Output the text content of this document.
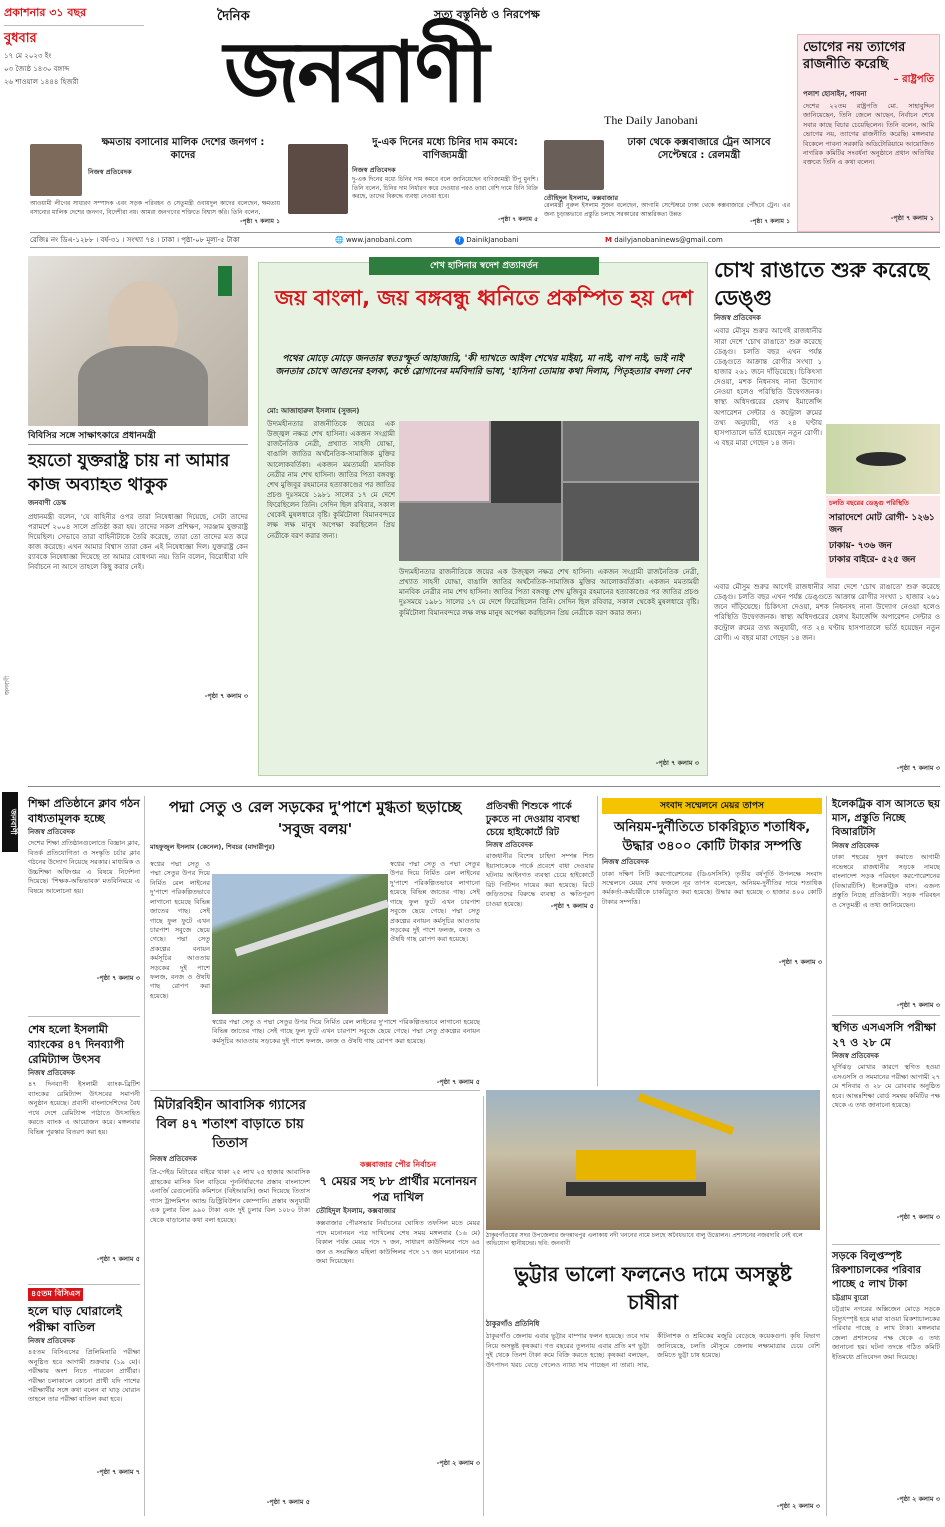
প্রকাশনার ৩১ বছর
বুধবার
১৭ মে ২০২৩ ইং
০৩ জ্যৈষ্ঠ ১৪৩০ বঙ্গাব্দ
২৬ শাওয়াল ১৪৪৪ হিজরী
দৈনিক	সত্য বস্তুনিষ্ঠ ও নিরপেক্ষ
জনবাণী	The Daily Janobani
ভোগের নয় ত্যাগের রাজনীতি করেছি
– রাষ্ট্রপতি
পলাশ হোসাইন, পাবনা
দেশের ২২তম রাষ্ট্রপতি মো. সাহাবুদ্দিন জানিয়েছেন, তিনি জেলে আছেন, নির্বাচন শেষে সবার কাছে বিচার চেয়েছিলেন। তিনি বলেন, আমি ভোগের নয়, ত্যাগের রাজনীতি করেছি। মঙ্গলবার বিকেলে পাবনা সরকারি অডিটোরিয়ামে আয়োজিত নাগরিক কমিটির সংবর্ধনা অনুষ্ঠানে প্রধান অতিথির বক্তব্যে তিনি এ কথা বলেন।
-পৃষ্ঠা ৭ কলাম ১
ক্ষমতায় বসানোর মালিক দেশের জনগণ : কাদের
নিজস্ব প্রতিবেদক
আওয়ামী লীগের সাধারণ সম্পাদক এবং সড়ক পরিবহন ও সেতুমন্ত্রী ওবায়দুল কাদের বলেছেন, ক্ষমতায় বসানোর মালিক দেশের জনগণ, বিদেশীরা নয়। আমরা জনগণের শক্তিতে বিশ্বাস করি। তিনি বলেন,
-পৃষ্ঠা ৭ কলাম ১
দু-এক দিনের মধ্যে চিনির দাম কমবে: বাণিজ্যমন্ত্রী
নিজস্ব প্রতিবেদক
দু-এক দিনের মধ্যে চিনির দাম কমবে বলে জানিয়েছেন বাণিজ্যমন্ত্রী টিপু মুনশি। তিনি বলেন, চিনির দাম নির্ধারণ করে দেওয়ার পরও তারা বেশি দামে চিনি বিক্রি করছে, তাদের বিরুদ্ধে ব্যবস্থা নেওয়া হবে।
-পৃষ্ঠা ৭ কলাম ৫
ঢাকা থেকে কক্সবাজারে ট্রেন আসবে সেপ্টেম্বরে : রেলমন্ত্রী
তৌহিদুল ইসলাম, কক্সবাজার
রেলমন্ত্রী নুরুল ইসলাম সুজন বলেছেন, আগামি সেপ্টেম্বরে ঢাকা থেকে কক্সবাজারে পৌঁছবে ট্রেন। এর জন্য চূড়ান্তভাবে প্রস্তুতি চলছে সরকারের আন্তরিকতা উন্নত
-পৃষ্ঠা ৭ কলাম ১
রেজিঃ নং ডিএ-১২৮৮ । বর্ষ-৩১ । সংখ্যা ৭৪ । ঢাকা । পৃষ্ঠা-০৮ মূল্য-৫ টাকা	🌐 www.janobani.com	f DainikJanobani	M dailyjanobaninews@gmail.com
জনবাণী
বিবিসির সঙ্গে সাক্ষাৎকারে প্রধানমন্ত্রী
হয়তো যুক্তরাষ্ট্র চায় না আমার কাজ অব্যাহত থাকুক
জনবাণী ডেস্ক
প্রধানমন্ত্রী বলেন, 'যে বাহিনীর ওপর তারা নিষেধাজ্ঞা দিয়েছে, সেটা তাদের পরামর্শে ২০০৪ সালে প্রতিষ্ঠা করা হয়। তাদের সকল প্রশিক্ষণ, সরঞ্জাম যুক্তরাষ্ট্র দিয়েছিল। সেভাবে তারা বাহিনীটাকে তৈরি করেছে, তারা তো তাদের মত করে কাজ করেছে। এখন আমার বিশ্বাস তারা কেন এই নিষেধাজ্ঞা দিল। যুক্তরাষ্ট্র কেন র‍্যাবকে নিষেধাজ্ঞা দিয়েছে তা আমার বোধগম্য নয়। তিনি বলেন, বিরোধীরা যদি নির্বাচনে না আসে তাহলে কিছু করার নেই।
-পৃষ্ঠা ৭ কলাম ৩
শেখ হাসিনার স্বদেশ প্রত্যাবর্তন
জয় বাংলা, জয় বঙ্গবন্ধু ধ্বনিতে প্রকম্পিত হয় দেশ
পথের মোড়ে মোড়ে জনতার স্বতঃস্ফূর্ত আহাজারি, 'কী দ্যাখতে আইল শেখের মাইয়া, মা নাই, বাপ নাই, ভাই নাই' জনতার চোখে আগুনের হলকা, কণ্ঠে স্লোগানের মর্মবিদারি ভাষা, 'হাসিনা তোমায় কথা দিলাম, পিতৃহত্যার বদলা নেব'
মো: আজাহারুল ইসলাম (সুজন)
উদ্যমহীনতার রাজনীতিকে জয়ের এক উজ্জ্বল নক্ষত্র শেখ হাসিনা। একজন সংগ্রামী রাজনৈতিক নেত্রী, প্রখ্যাত সাহসী যোদ্ধা, বাঙালি জাতির অর্থনৈতিক-সামাজিক মুক্তির আলোকবর্তিকা। একজন মমতাময়ী মানবিক নেত্রীর নাম শেখ হাসিনা। জাতির পিতা বঙ্গবন্ধু শেখ মুজিবুর রহমানের হত্যাকাণ্ডের পর জাতির প্রচণ্ড দুঃসময়ে ১৯৮১ সালের ১৭ মে দেশে ফিরেছিলেন তিনি। সেদিন ছিল রবিবার, সকাল থেকেই মুষলধারে বৃষ্টি। কুর্মিটোলা বিমানবন্দরে লক্ষ লক্ষ মানুষ অপেক্ষা করছিলেন প্রিয় নেত্রীকে বরণ করার জন্য।
উদ্যমহীনতার রাজনীতিকে জয়ের এক উজ্জ্বল নক্ষত্র শেখ হাসিনা। একজন সংগ্রামী রাজনৈতিক নেত্রী, প্রখ্যাত সাহসী যোদ্ধা, বাঙালি জাতির অর্থনৈতিক-সামাজিক মুক্তির আলোকবর্তিকা। একজন মমতাময়ী মানবিক নেত্রীর নাম শেখ হাসিনা। জাতির পিতা বঙ্গবন্ধু শেখ মুজিবুর রহমানের হত্যাকাণ্ডের পর জাতির প্রচণ্ড দুঃসময়ে ১৯৮১ সালের ১৭ মে দেশে ফিরেছিলেন তিনি। সেদিন ছিল রবিবার, সকাল থেকেই মুষলধারে বৃষ্টি। কুর্মিটোলা বিমানবন্দরে লক্ষ লক্ষ মানুষ অপেক্ষা করছিলেন প্রিয় নেত্রীকে বরণ করার জন্য।
-পৃষ্ঠা ৭ কলাম ৩
চোখ রাঙাতে শুরু করেছে ডেঙ্গু
নিজস্ব প্রতিবেদক
এবার মৌসুম শুরুর আগেই রাজধানীর সারা দেশে 'চোখ রাঙাতে' শুরু করেছে ডেঙ্গু। চলতি বছর এখন পর্যন্ত ডেঙ্গুতে আক্রান্ত রোগীর সংখ্যা ১ হাজার ২৬১ জনে দাঁড়িয়েছে। চিকিৎসা দেওয়া, মশক নিধনসহ নানা উদ্যোগ নেওয়া হলেও পরিস্থিতি উদ্বেগজনক। স্বাস্থ্য অধিদপ্তরের হেলথ ইমার্জেন্সি অপারেশন সেন্টার ও কন্ট্রোল রুমের তথ্য অনুযায়ী, গত ২৪ ঘণ্টায় হাসপাতালে ভর্তি হয়েছেন নতুন রোগী। এ বছর মারা গেছেন ১৪ জন।
চলতি বছরের ডেঙ্গু পরিস্থিতি
সারাদেশে মোট রোগী- ১২৬১ জন
ঢাকায়- ৭৩৬ জন
ঢাকার বাইরে- ৫২৫ জন
এবার মৌসুম শুরুর আগেই রাজধানীর সারা দেশে 'চোখ রাঙাতে' শুরু করেছে ডেঙ্গু। চলতি বছর এখন পর্যন্ত ডেঙ্গুতে আক্রান্ত রোগীর সংখ্যা ১ হাজার ২৬১ জনে দাঁড়িয়েছে। চিকিৎসা দেওয়া, মশক নিধনসহ নানা উদ্যোগ নেওয়া হলেও পরিস্থিতি উদ্বেগজনক। স্বাস্থ্য অধিদপ্তরের হেলথ ইমার্জেন্সি অপারেশন সেন্টার ও কন্ট্রোল রুমের তথ্য অনুযায়ী, গত ২৪ ঘণ্টায় হাসপাতালে ভর্তি হয়েছেন নতুন রোগী। এ বছর মারা গেছেন ১৪ জন।
-পৃষ্ঠা ৭ কলাম ৩
জনবাণী
শিক্ষা প্রতিষ্ঠানে ক্লাব গঠন বাধ্যতামূলক হচ্ছে
নিজস্ব প্রতিবেদক
দেশের শিক্ষা প্রতিষ্ঠানগুলোতে বিজ্ঞান ক্লাব, বিতর্ক প্রতিযোগিতা ও সংস্কৃতি চর্চার ক্লাব গঠনের উদ্যোগ নিয়েছে সরকার। মাধ্যমিক ও উচ্চশিক্ষা অধিদপ্তর এ বিষয়ে নির্দেশনা দিয়েছে। 'শিক্ষক-অভিভাবক' মতবিনিময়ে এ বিষয়ে আলোচনা হয়।
-পৃষ্ঠা ৭ কলাম ৩
শেষ হলো ইসলামী ব্যাংকের ৪৭ দিনব্যাপী রেমিট্যান্স উৎসব
নিজস্ব প্রতিবেদক
৪৭ দিনব্যাপী ইসলামী ব্যাংক-ব্রিটিশ ব্যাংকের রেমিট্যান্স উৎসবের সমাপনী অনুষ্ঠান হয়েছে। প্রবাসী বাংলাদেশিদের বৈধ পথে দেশে রেমিট্যান্স পাঠাতে উৎসাহিত করতে ব্যাংক এ আয়োজন করে। মঙ্গলবার বিভিন্ন পুরস্কার বিতরণ করা হয়।
-পৃষ্ঠা ৭ কলাম ৫
৪৫তম বিসিএস
হলে ঘাড় ঘোরালেই পরীক্ষা বাতিল
নিজস্ব প্রতিবেদক
৪৫তম বিসিএসের প্রিলিমিনারি পরীক্ষা অনুষ্ঠিত হবে আগামী শুক্রবার (১৯ মে)। পরীক্ষায় অংশ নিতে পারবেন প্রার্থীরা। পরীক্ষা চলাকালে কোনো প্রার্থী যদি পাশের পরীক্ষার্থীর সঙ্গে কথা বলেন বা ঘাড় ঘোরান তাহলে তার পরীক্ষা বাতিল করা হবে।
-পৃষ্ঠা ৭ কলাম ৭
পদ্মা সেতু ও রেল সড়কের দু'পাশে মুগ্ধতা ছড়াচ্ছে 'সবুজ বলয়'
মাহফুজুল ইসলাম (কেনেল), শিবচর (মাদারীপুর)
স্বপ্নের পদ্মা সেতু ও পদ্মা সেতুর উপর দিয়ে নির্মিত রেল লাইনের দু'পাশে পরিকল্পিতভাবে লাগানো হয়েছে বিভিন্ন জাতের গাছ। সেই গাছে ফুল ফুটে এখন চারপাশ সবুজে ছেয়ে গেছে। পদ্মা সেতু প্রকল্পের বনায়ন কর্মসূচির আওতায় সড়কের দুই পাশে ফলজ, বনজ ও ঔষধি গাছ রোপণ করা হয়েছে।
স্বপ্নের পদ্মা সেতু ও পদ্মা সেতুর উপর দিয়ে নির্মিত রেল লাইনের দু'পাশে পরিকল্পিতভাবে লাগানো হয়েছে বিভিন্ন জাতের গাছ। সেই গাছে ফুল ফুটে এখন চারপাশ সবুজে ছেয়ে গেছে। পদ্মা সেতু প্রকল্পের বনায়ন কর্মসূচির আওতায় সড়কের দুই পাশে ফলজ, বনজ ও ঔষধি গাছ রোপণ করা হয়েছে।
স্বপ্নের পদ্মা সেতু ও পদ্মা সেতুর উপর দিয়ে নির্মিত রেল লাইনের দু'পাশে পরিকল্পিতভাবে লাগানো হয়েছে বিভিন্ন জাতের গাছ। সেই গাছে ফুল ফুটে এখন চারপাশ সবুজে ছেয়ে গেছে। পদ্মা সেতু প্রকল্পের বনায়ন কর্মসূচির আওতায় সড়কের দুই পাশে ফলজ, বনজ ও ঔষধি গাছ রোপণ করা হয়েছে।
-পৃষ্ঠা ৭ কলাম ৫
প্রতিবন্ধী শিশুকে পার্কে ঢুকতে না দেওয়ায় ব্যবস্থা চেয়ে হাইকোর্টে রিট
নিজস্ব প্রতিবেদক
রাজধানীর বিশেষ চাহিদা সম্পন্ন শিশু ইয়াসাকেকে পার্কে প্রবেশে বাধা দেওয়ার ঘটনায় আইনগত ব্যবস্থা চেয়ে হাইকোর্টে রিট পিটিশন দায়ের করা হয়েছে। রিটে জড়িতদের বিরুদ্ধে ব্যবস্থা ও ক্ষতিপূরণ চাওয়া হয়েছে।	-পৃষ্ঠা ৭ কলাম ৫
সংবাদ সম্মেলনে মেয়র তাপস
অনিয়ম-দুর্নীতিতে চাকরিচ্যুত শতাধিক, উদ্ধার ৩৪০০ কোটি টাকার সম্পত্তি
নিজস্ব প্রতিবেদক
ঢাকা দক্ষিণ সিটি করপোরেশনের (ডিএসসিসি) তৃতীয় বর্ষপূর্তি উপলক্ষে সংবাদ সম্মেলনে মেয়র শেখ ফজলে নূর তাপস বলেছেন, অনিয়ম-দুর্নীতির দায়ে শতাধিক কর্মকর্তা-কর্মচারীকে চাকরিচ্যুত করা হয়েছে। উদ্ধার করা হয়েছে ৩ হাজার ৪০০ কোটি টাকার সম্পত্তি।
-পৃষ্ঠা ৭ কলাম ৩
ইলেকট্রিক বাস আসতে ছয় মাস, প্রস্তুতি নিচ্ছে বিআরটিসি
নিজস্ব প্রতিবেদক
ঢাকা শহরের দূষণ কমাতে আগামী নভেম্বরে রাজধানীর সড়কে নামছে বাংলাদেশ সড়ক পরিবহন করপোরেশনের (বিআরটিসি) ইলেকট্রিক বাস। এজন্য প্রস্তুতি নিচ্ছে প্রতিষ্ঠানটি। সড়ক পরিবহন ও সেতুমন্ত্রী এ তথ্য জানিয়েছেন।
-পৃষ্ঠা ৭ কলাম ৩
স্থগিত এসএসসি পরীক্ষা ২৭ ও ২৮ মে
নিজস্ব প্রতিবেদক
ঘূর্ণিঝড় মোখার কারণে স্থগিত হওয়া এসএসসি ও সমমানের পরীক্ষা আগামী ২৭ মে শনিবার ও ২৮ মে রোববার অনুষ্ঠিত হবে। আন্তঃশিক্ষা বোর্ড সমন্বয় কমিটির পক্ষ থেকে এ তথ্য জানানো হয়েছে।
-পৃষ্ঠা ৭ কলাম ৩
সড়কে বিলুপ্তস্পৃষ্ট রিকশাচালকের পরিবার পাচ্ছে ৫ লাখ টাকা
চট্টগ্রাম ব্যুরো
চট্টগ্রাম নগরের অক্সিজেন মোড়ে সড়কে বিদ্যুৎস্পৃষ্ট হয়ে মারা যাওয়া রিকশাচালকের পরিবার পাচ্ছে ৫ লাখ টাকা। মঙ্গলবার জেলা প্রশাসনের পক্ষ থেকে এ তথ্য জানানো হয়। ঘটনা তদন্তে গঠিত কমিটি ইতিমধ্যে প্রতিবেদন জমা দিয়েছে।
-পৃষ্ঠা ২ কলাম ৩
ঠাকুরগাঁওয়ের সদর উপজেলার জগন্নাথপুর এলাকায় নদী খননের নামে চলছে অবৈধভাবে বালু উত্তোলন। প্রশাসনের নজরদারি নেই বলে অভিযোগ স্থানীয়দের। ছবি: জনবাণী
মিটারবিহীন আবাসিক গ্যাসের বিল ৪৭ শতাংশ বাড়াতে চায় তিতাস
নিজস্ব প্রতিবেদক
প্রি-পেইড মিটারের বাইরে থাকা ২৫ লাখ ২৫ হাজার আবাসিক গ্রাহকের মাসিক বিল বাড়িয়ে পুনর্নির্ধারণের প্রস্তাব বাংলাদেশ এনার্জি রেগুলেটরি কমিশনে (বিইআরসি) জমা দিয়েছে তিতাস গ্যাস ট্রান্সমিশন অ্যান্ড ডিস্ট্রিবিউশন কোম্পানি। প্রস্তাব অনুযায়ী এক চুলার বিল ৯৯০ টাকা এবং দুই চুলার বিল ১০৮০ টাকা থেকে বাড়ানোর কথা বলা হয়েছে।
-পৃষ্ঠা ৭ কলাম ৫
কক্সবাজার পৌর নির্বাচন
৭ মেয়র সহ ৮৮ প্রার্থীর মনোনয়ন পত্র দাখিল
তৌহিদুল ইসলাম, কক্সবাজার
কক্সবাজার পৌরসভার নির্বাচনের ঘোষিত তফসিল মতে মেয়র পদে মনোনয়ন পত্র দাখিলের শেষ সময় মঙ্গলবার (১৬ মে) বিকাল পর্যন্ত মেয়র পদে ৭ জন, সাধারণ কাউন্সিলর পদে ৬৪ জন ও সংরক্ষিত মহিলা কাউন্সিলর পদে ১৭ জন মনোনয়ন পত্র জমা দিয়েছেন।
-পৃষ্ঠা ২ কলাম ৩
ভুট্টার ভালো ফলনেও দামে অসন্তুষ্ট চাষীরা
ঠাকুরগাঁও প্রতিনিধি
ঠাকুরগাঁও জেলায় এবার ভুট্টার বাম্পার ফলন হয়েছে। তবে দাম নিয়ে অসন্তুষ্ট কৃষকরা। গত বছরের তুলনায় এবার প্রতি মণ ভুট্টা দুই থেকে তিনশ টাকা কমে বিক্রি করতে হচ্ছে। কৃষকরা বলছেন, উৎপাদন খরচ বেড়ে গেলেও ন্যায্য দাম পাচ্ছেন না তারা। সার, কীটনাশক ও শ্রমিকের মজুরি বেড়েছে কয়েকগুণ। কৃষি বিভাগ জানিয়েছে, চলতি মৌসুমে জেলায় লক্ষ্যমাত্রার চেয়ে বেশি জমিতে ভুট্টা চাষ হয়েছে।
-পৃষ্ঠা ২ কলাম ৩
